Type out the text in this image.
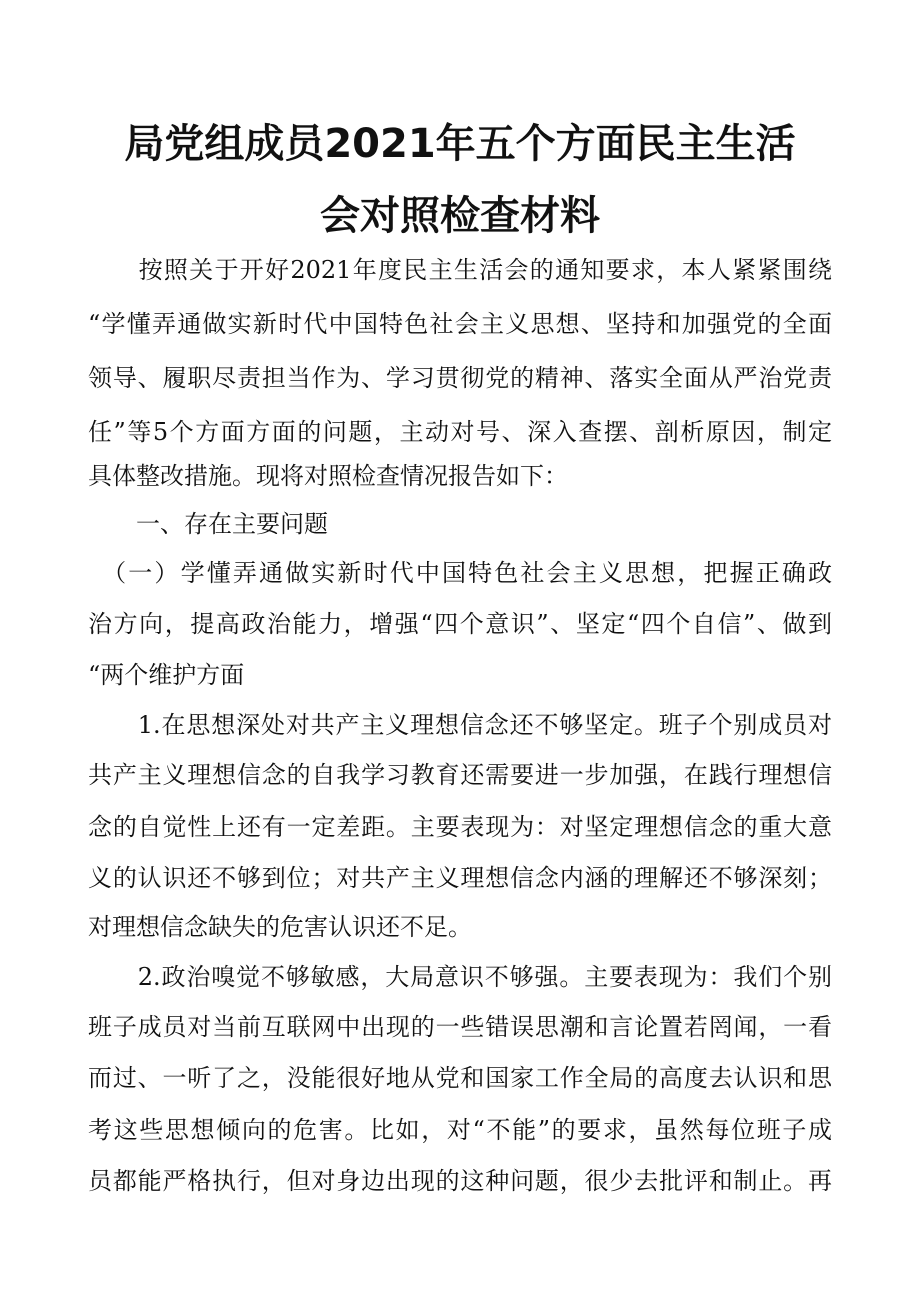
局党组成员2021年五个方面民主生活
会对照检查材料
　　按照关于开好2021年度民主生活会的通知要求，本人紧紧围绕
“学懂弄通做实新时代中国特色社会主义思想、坚持和加强党的全面
领导、履职尽责担当作为、学习贯彻党的精神、落实全面从严治党责
任”等5个方面方面的问题，主动对号、深入查摆、剖析原因，制定
具体整改措施。现将对照检查情况报告如下：
　　一、存在主要问题
　（一）学懂弄通做实新时代中国特色社会主义思想，把握正确政
治方向，提高政治能力，增强“四个意识”、坚定“四个自信”、做到
“两个维护方面
　　1.在思想深处对共产主义理想信念还不够坚定。班子个别成员对
共产主义理想信念的自我学习教育还需要进一步加强，在践行理想信
念的自觉性上还有一定差距。主要表现为：对坚定理想信念的重大意
义的认识还不够到位；对共产主义理想信念内涵的理解还不够深刻；
对理想信念缺失的危害认识还不足。
　　2.政治嗅觉不够敏感，大局意识不够强。主要表现为：我们个别
班子成员对当前互联网中出现的一些错误思潮和言论置若罔闻，一看
而过、一听了之，没能很好地从党和国家工作全局的高度去认识和思
考这些思想倾向的危害。比如，对“不能”的要求，虽然每位班子成
员都能严格执行，但对身边出现的这种问题，很少去批评和制止。再
